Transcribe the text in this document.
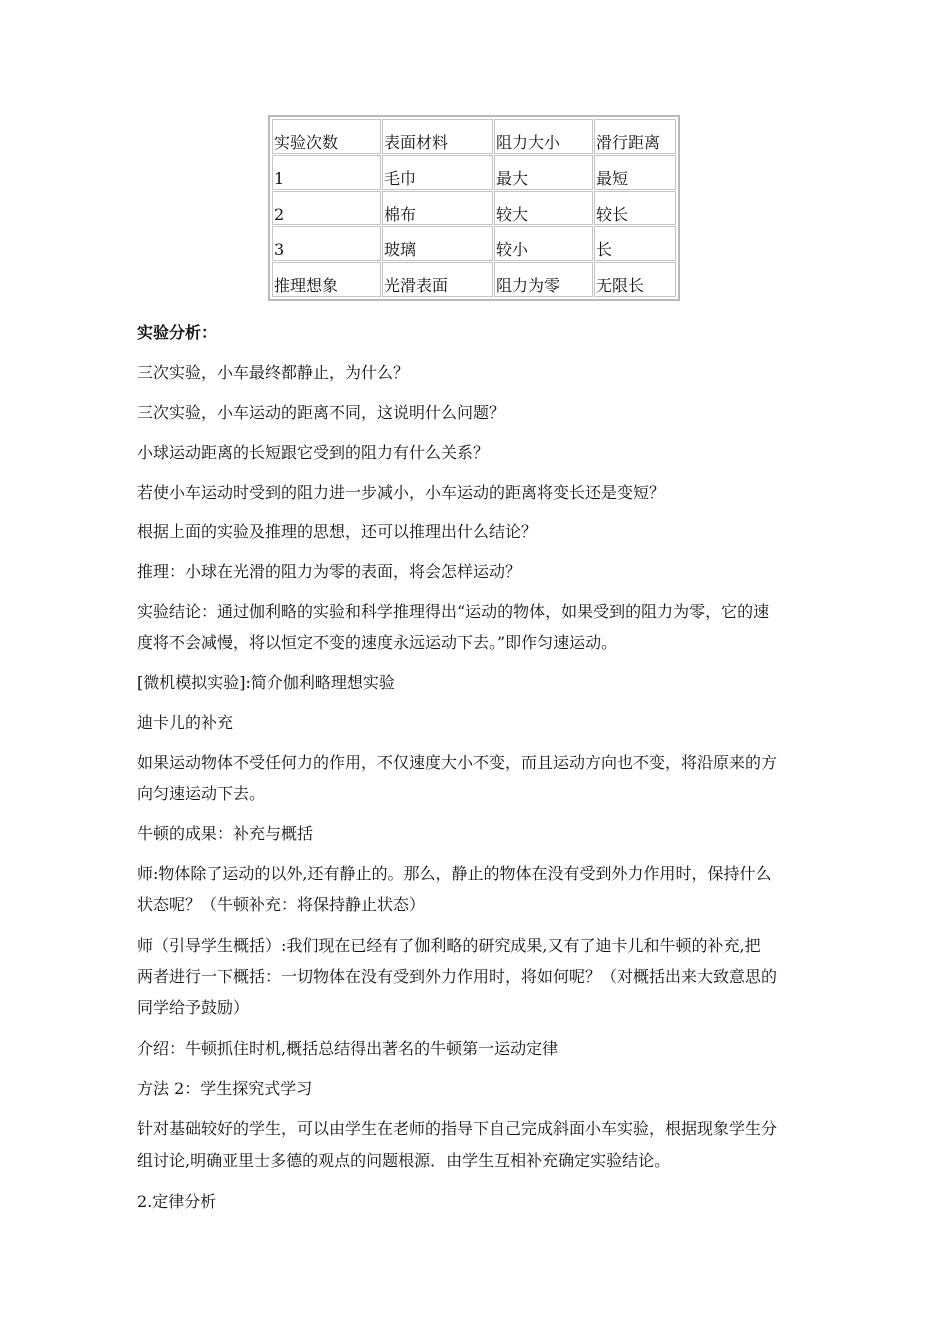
实验次数	表面材料	阻力大小	滑行距离
1	毛巾	最大	最短
2	棉布	较大	较长
3	玻璃	较小	长
推理想象	光滑表面	阻力为零	无限长
实验分析：
三次实验，小车最终都静止，为什么？
三次实验，小车运动的距离不同，这说明什么问题？
小球运动距离的长短跟它受到的阻力有什么关系？
若使小车运动时受到的阻力进一步减小，小车运动的距离将变长还是变短？
根据上面的实验及推理的思想，还可以推理出什么结论？
推理：小球在光滑的阻力为零的表面，将会怎样运动？
实验结论：通过伽利略的实验和科学推理得出“运动的物体，如果受到的阻力为零，它的速
度将不会减慢，将以恒定不变的速度永远运动下去。”即作匀速运动。
[微机模拟实验]:简介伽利略理想实验
迪卡儿的补充
如果运动物体不受任何力的作用，不仅速度大小不变，而且运动方向也不变，将沿原来的方
向匀速运动下去。
牛顿的成果：补充与概括
师:物体除了运动的以外,还有静止的。那么，静止的物体在没有受到外力作用时，保持什么
状态呢？（牛顿补充：将保持静止状态）
师（引导学生概括）:我们现在已经有了伽利略的研究成果,又有了迪卡儿和牛顿的补充,把
两者进行一下概括：一切物体在没有受到外力作用时，将如何呢？（对概括出来大致意思的
同学给予鼓励）
介绍：牛顿抓住时机,概括总结得出著名的牛顿第一运动定律
方法 2：学生探究式学习
针对基础较好的学生，可以由学生在老师的指导下自己完成斜面小车实验，根据现象学生分
组讨论,明确亚里士多德的观点的问题根源．由学生互相补充确定实验结论。
2.定律分析
